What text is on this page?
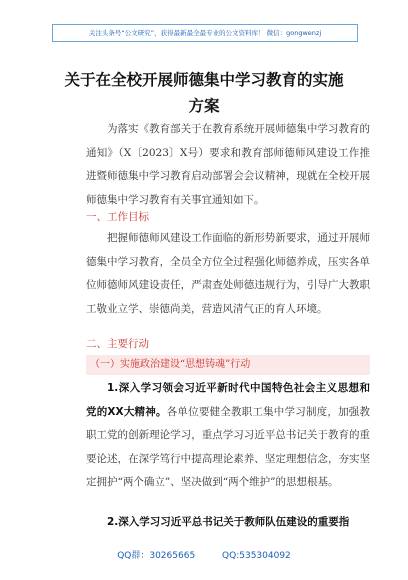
关注头条号“公文研究”，获得最新最全最专业的公文资料库！ 微信：gongwenzj
关于在全校开展师德集中学习教育的实施
方案

为落实《教育部关于在教育系统开展师德集中学习教育的通知》（X〔2023〕X号）要求和教育部师德师风建设工作推进暨师德集中学习教育启动部署会会议精神，现就在全校开展师德集中学习教育有关事宜通知如下。

一、工作目标

把握师德师风建设工作面临的新形势新要求，通过开展师德集中学习教育，全员全方位全过程强化师德养成，压实各单位师德师风建设责任，严肃查处师德违规行为，引导广大教职工敬业立学、崇德尚美，营造风清气正的育人环境。

二、主要行动
（一）实施政治建设“思想铸魂”行动

1.深入学习领会习近平新时代中国特色社会主义思想和党的XX大精神。各单位要健全教职工集中学习制度，加强教职工党的创新理论学习，重点学习习近平总书记关于教育的重要论述，在深学笃行中提高理论素养、坚定理想信念，夯实坚定拥护“两个确立”、坚决做到“两个维护”的思想根基。

2.深入学习习近平总书记关于教师队伍建设的重要指

QQ群：30265665	QQ:535304092
